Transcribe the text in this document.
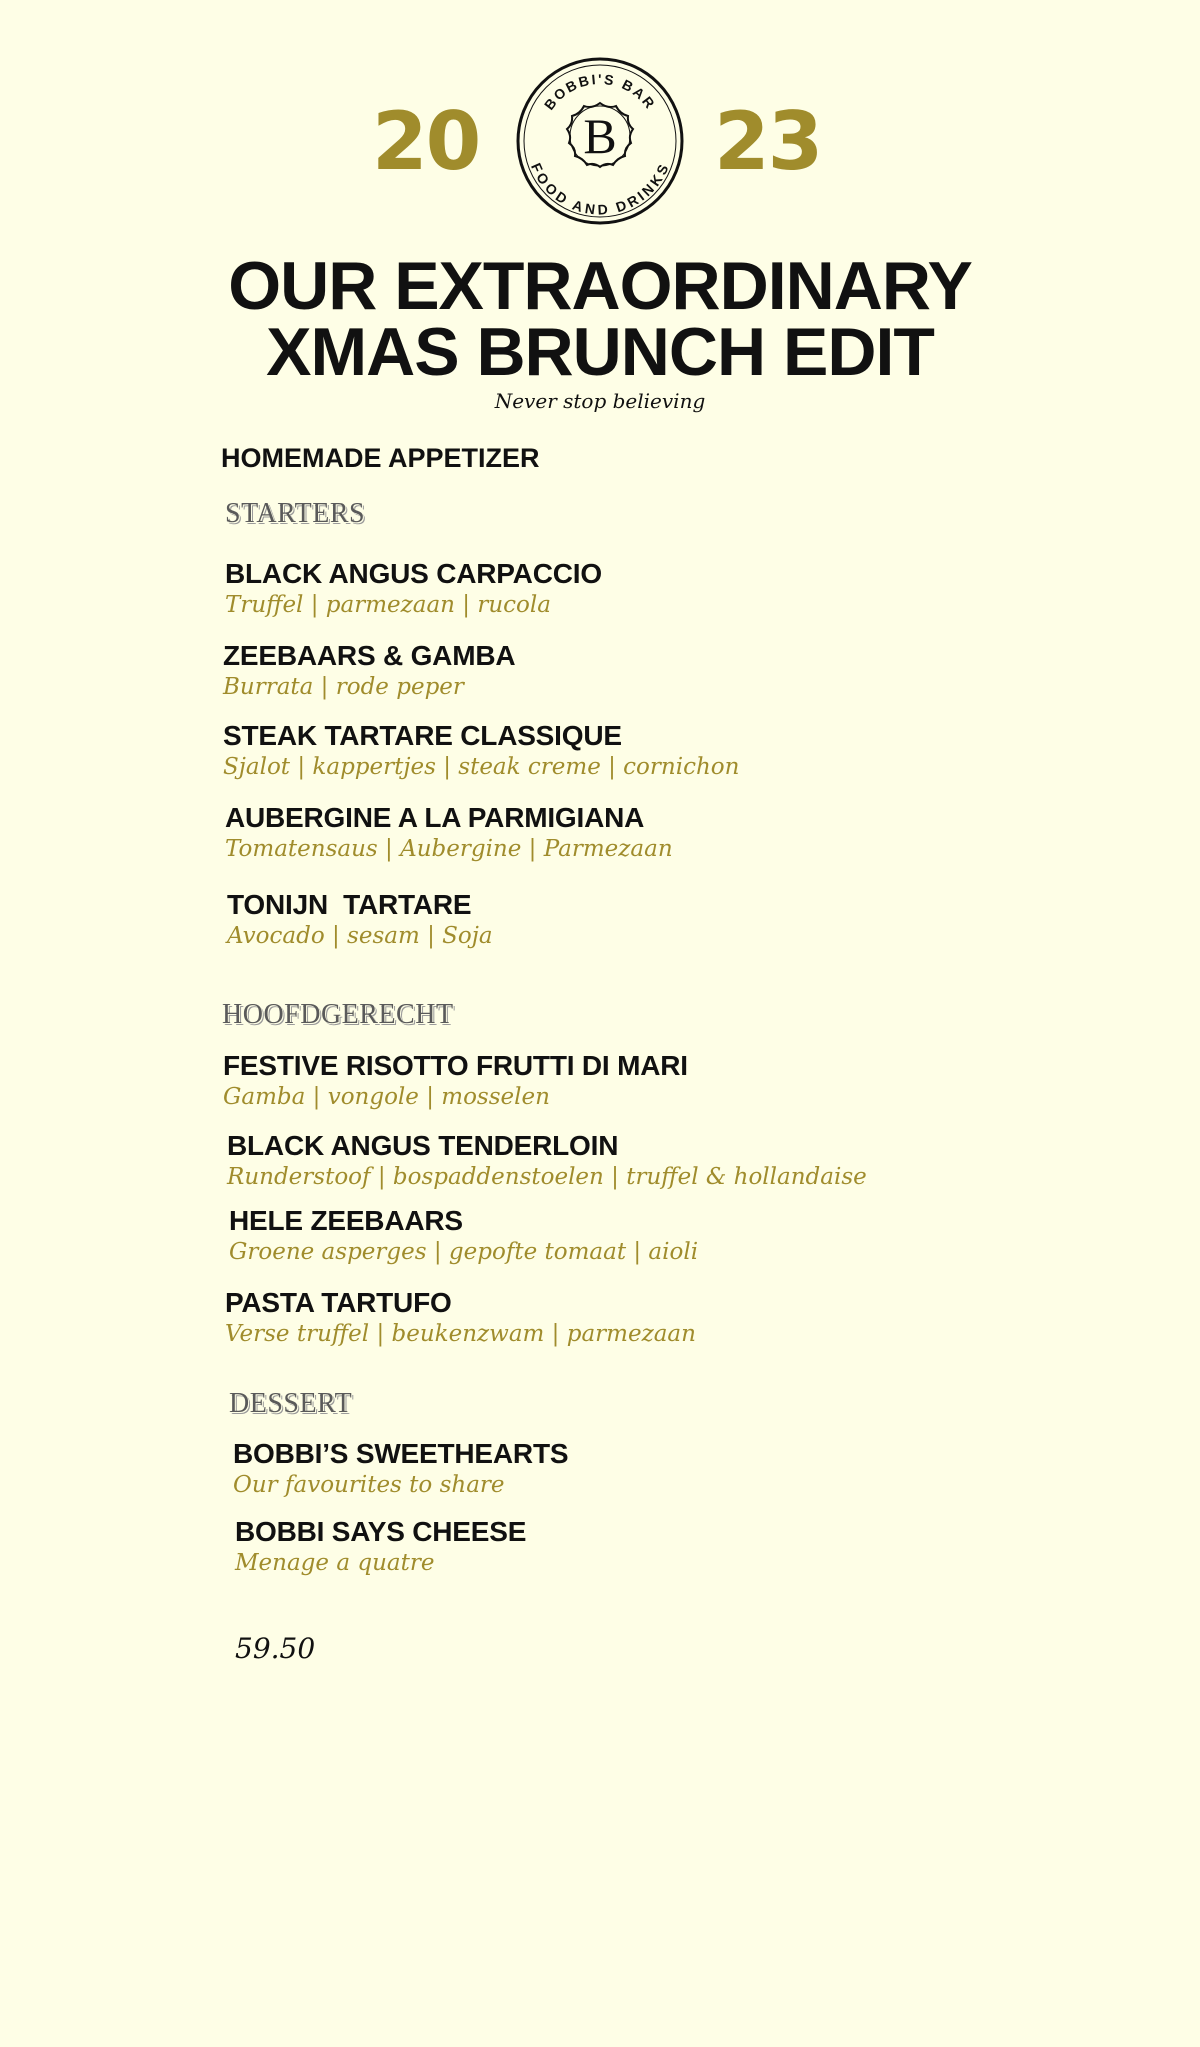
20	BOBBI'S BAR
FOOD AND DRINKS
B 23
OUR EXTRAORDINARY
XMAS BRUNCH EDIT
Never stop believing
HOMEMADE APPETIZER
STARTERS
BLACK ANGUS CARPACCIO
Truffel | parmezaan | rucola
ZEEBAARS & GAMBA
Burrata | rode peper
STEAK TARTARE CLASSIQUE
Sjalot | kappertjes | steak creme | cornichon
AUBERGINE A LA PARMIGIANA
Tomatensaus | Aubergine | Parmezaan
TONIJN  TARTARE
Avocado | sesam | Soja
HOOFDGERECHT
FESTIVE RISOTTO FRUTTI DI MARI
Gamba | vongole | mosselen
BLACK ANGUS TENDERLOIN
Runderstoof | bospaddenstoelen | truffel & hollandaise
HELE ZEEBAARS
Groene asperges | gepofte tomaat | aioli
PASTA TARTUFO
Verse truffel | beukenzwam | parmezaan
DESSERT
BOBBI’S SWEETHEARTS
Our favourites to share
BOBBI SAYS CHEESE
Menage a quatre
59.50
